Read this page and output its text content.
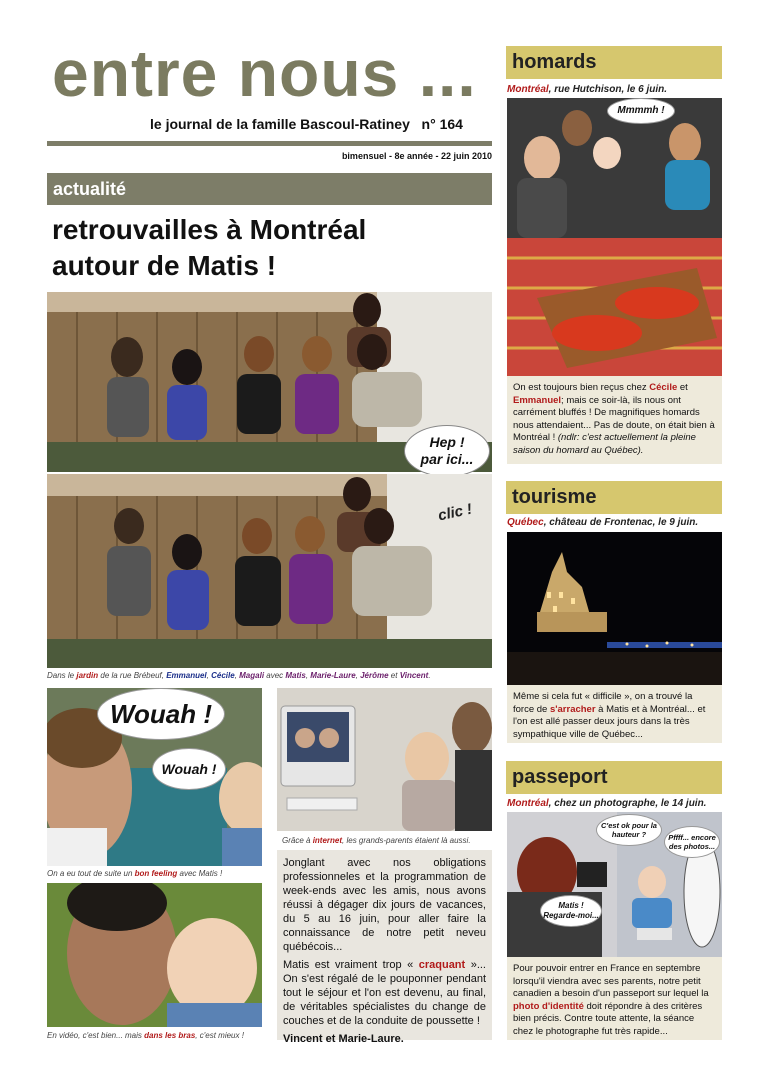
entre nous ...
le journal de la famille Bascoul-Ratiney n° 164
bimensuel - 8e année - 22 juin 2010
actualité
retrouvailles à Montréal
autour de Matis !
Hep !
par ici...
clic !
Dans le jardin de la rue Brébeuf, Emmanuel, Cécile, Magali avec Matis, Marie-Laure, Jérôme et Vincent.
Wouah !
Wouah !
On a eu tout de suite un bon feeling avec Matis !
En vidéo, c'est bien... mais dans les bras, c'est mieux !
Grâce à internet, les grands-parents étaient là aussi.
Jonglant avec nos obligations professionneles et la programmation de week-ends avec les amis, nous avons réussi à dégager dix jours de vacances, du 5 au 16 juin, pour aller faire la connaissance de notre petit neveu québécois...
Matis est vraiment trop « craquant »... On s'est régalé de le pouponner pendant tout le séjour et l'on est devenu, au final, de véritables spécialistes du change de couches et de la conduite de poussette !
Vincent et Marie-Laure.
homards
Montréal, rue Hutchison, le 6 juin.
Mmmmh !
On est toujours bien reçus chez Cécile et Emmanuel; mais ce soir-là, ils nous ont carrément bluffés ! De magnifiques homards nous attendaient... Pas de doute, on était bien à Montréal ! (ndlr: c'est actuellement la pleine saison du homard au Québec).
tourisme
Québec, château de Frontenac, le 9 juin.
Même si cela fut « difficile », on a trouvé la force de s'arracher à Matis et à Montréal... et l'on est allé passer deux jours dans la très sympathique ville de Québec...
passeport
Montréal, chez un photographe, le 14 juin.
C'est ok pour la hauteur ?	Pffff... encore des photos...
Matis ! Regarde-moi...
Pour pouvoir entrer en France en septembre lorsqu'il viendra avec ses parents, notre petit canadien a besoin d'un passeport sur lequel la photo d'identité doit répondre à des critères bien précis. Contre toute attente, la séance chez le photographe fut très rapide...
